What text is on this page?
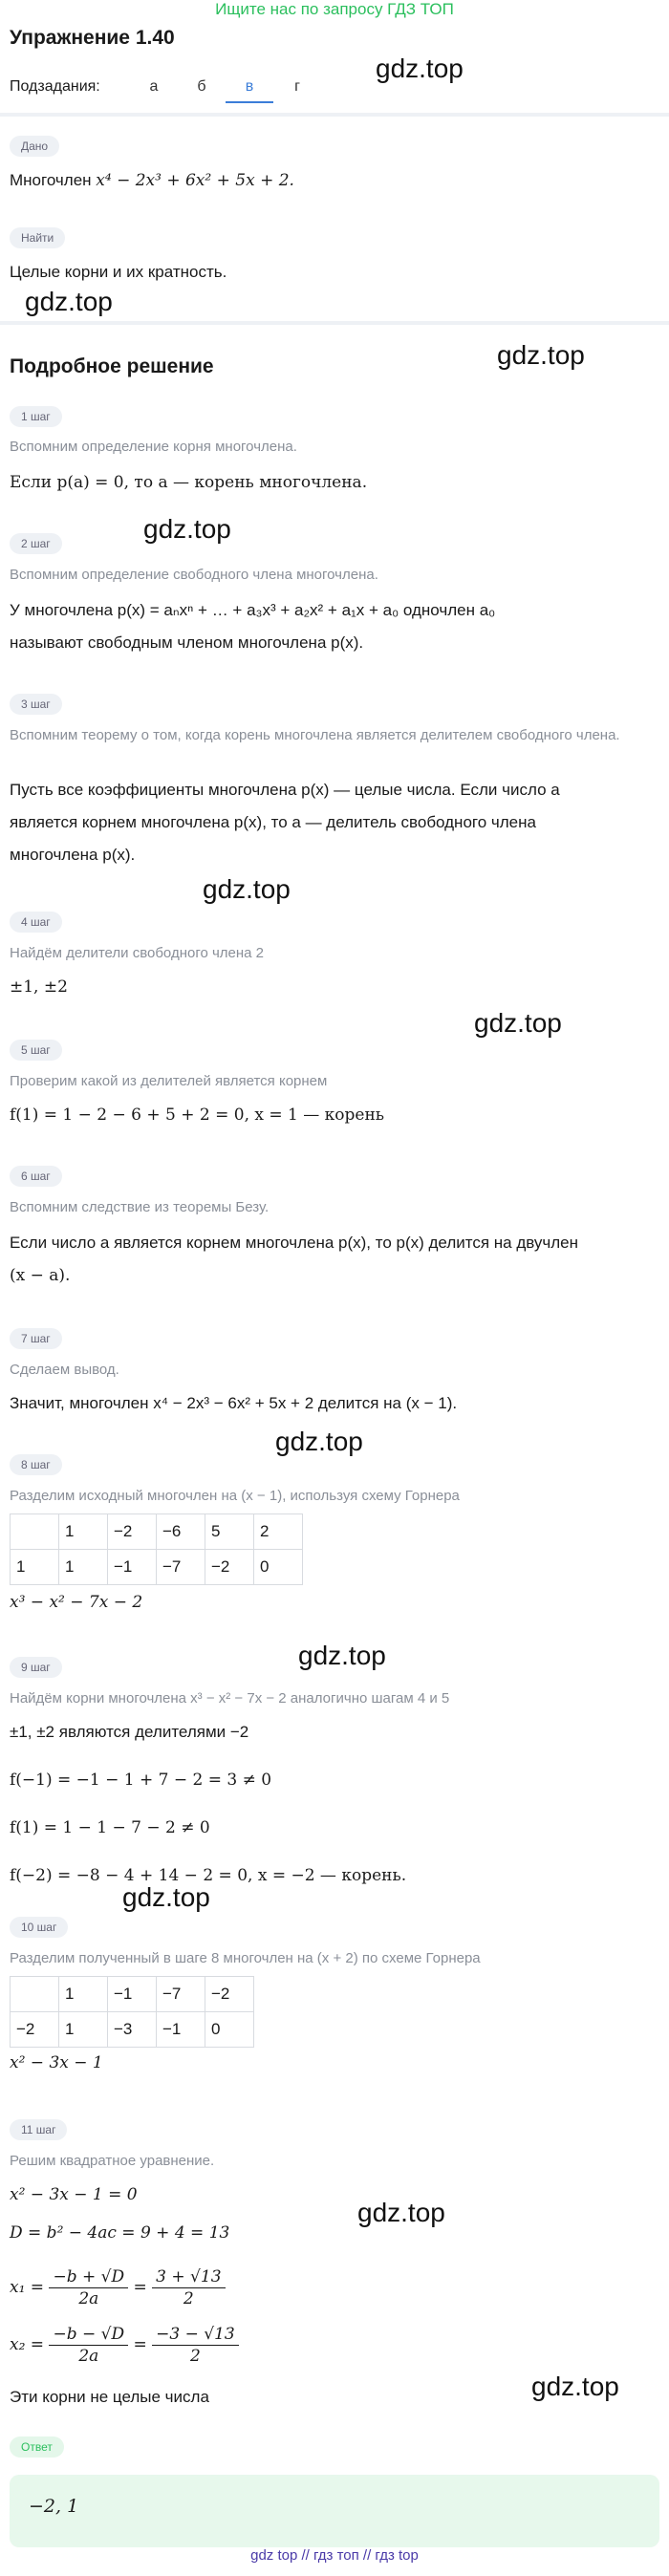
Ищите нас по запросу ГДЗ ТОП
Упражнение 1.40
Подзадания:	а	б	в	г
gdz.top
gdz.top
gdz.top
gdz.top
gdz.top
gdz.top
gdz.top
gdz.top
gdz.top
gdz.top
gdz.top
Дано
Многочлен x⁴ − 2x³ + 6x² + 5x + 2.
Найти
Целые корни и их кратность.
Подробное решение
1 шаг
Вспомним определение корня многочлена.
Если p(a) = 0, то a — корень многочлена.
2 шаг
Вспомним определение свободного члена многочлена.
У многочлена p(x) = aₙxⁿ + … + a₃x³ + a₂x² + a₁x + a₀ одночлен a₀
называют свободным членом многочлена p(x).
3 шаг
Вспомним теорему о том, когда корень многочлена является делителем свободного члена.
Пусть все коэффициенты многочлена p(x) — целые числа. Если число a
является корнем многочлена p(x), то a — делитель свободного члена
многочлена p(x).
4 шаг
Найдём делители свободного члена 2
±1, ±2
5 шаг
Проверим какой из делителей является корнем
f(1) = 1 − 2 − 6 + 5 + 2 = 0, x = 1 — корень
6 шаг
Вспомним следствие из теоремы Безу.
Если число a является корнем многочлена p(x), то p(x) делится на двучлен
(x − a).
7 шаг
Сделаем вывод.
Значит, многочлен x⁴ − 2x³ − 6x² + 5x + 2 делится на (x − 1).
8 шаг
Разделим исходный многочлен на (x − 1), используя схему Горнера
	1	−2	−6	5	2
1	1	−1	−7	−2	0
x³ − x² − 7x − 2
9 шаг
Найдём корни многочлена x³ − x² − 7x − 2 аналогично шагам 4 и 5
±1, ±2 являются делителями −2
f(−1) = −1 − 1 + 7 − 2 = 3 ≠ 0
f(1) = 1 − 1 − 7 − 2 ≠ 0
f(−2) = −8 − 4 + 14 − 2 = 0, x = −2 — корень.
10 шаг
Разделим полученный в шаге 8 многочлен на (x + 2) по схеме Горнера
	1	−1	−7	−2
−2	1	−3	−1	0
x² − 3x − 1
11 шаг
Решим квадратное уравнение.
x² − 3x − 1 = 0
D = b² − 4ac = 9 + 4 = 13
$x_1 = \frac{-b + √D}{2a} = \frac{3 + √13}{2}$
$x_2 = \frac{-b - √D}{2a} = \frac{-3 - √13}{2}$
Эти корни не целые числа
Ответ
−2, 1
gdz top // гдз топ // гдз top
